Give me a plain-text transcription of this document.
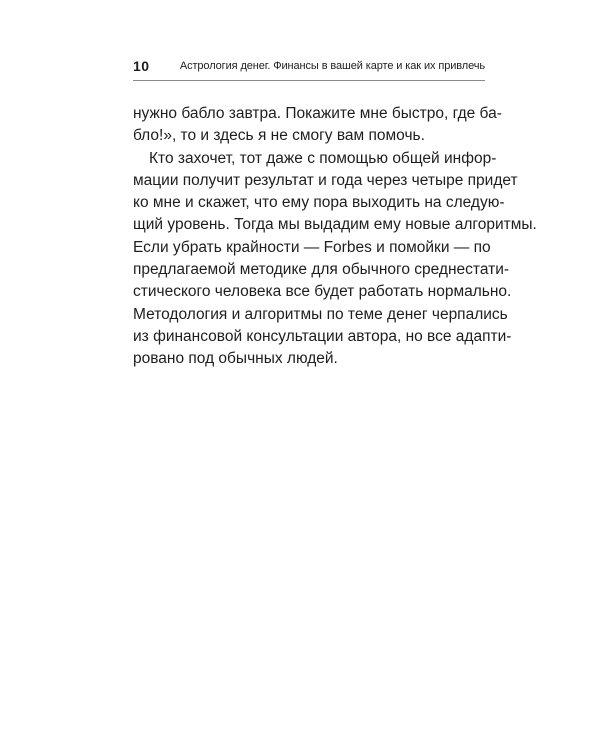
10	Астрология денег. Финансы в вашей карте и как их привлечь
нужно бабло завтра. Покажите мне быстро, где ба-
бло!», то и здесь я не смогу вам помочь.
Кто захочет, тот даже с помощью общей инфор-
мации получит результат и года через четыре придет
ко мне и скажет, что ему пора выходить на следую-
щий уровень. Тогда мы выдадим ему новые алгоритмы.
Если убрать крайности — Forbes и помойки — по
предлагаемой методике для обычного среднестати-
стического человека все будет работать нормально.
Методология и алгоритмы по теме денег черпались
из финансовой консультации автора, но все адапти-
ровано под обычных людей.
